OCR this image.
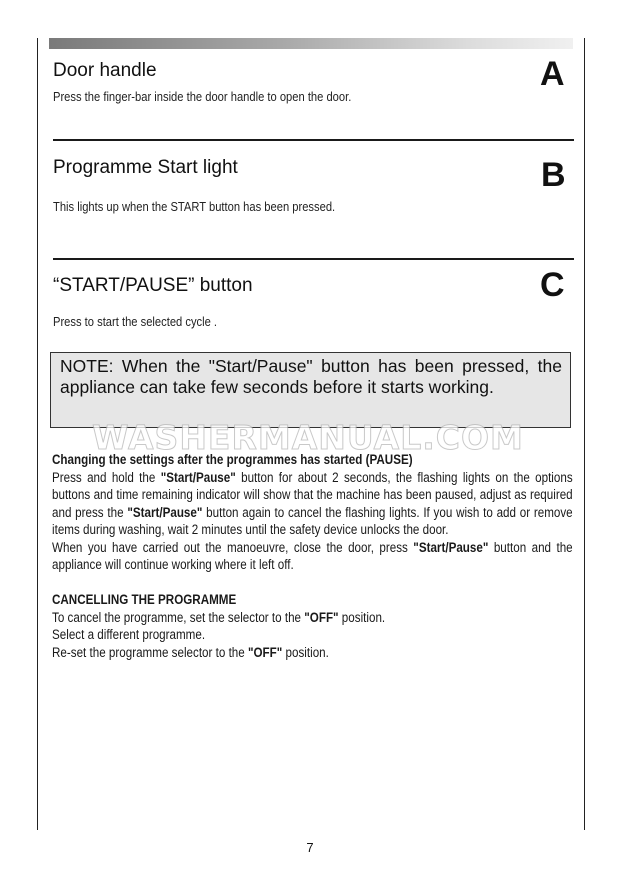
Door handle	A
Press the finger-bar inside the door handle to open the door.
Programme Start light	B
This lights up when the START button has been pressed.
“START/PAUSE” button	C
Press to start the selected cycle .
NOTE: When the "Start/Pause" button has been pressed, the appliance can take few seconds before it starts working.
WASHERMANUAL.COM

Changing the settings after the programmes has started (PAUSE)

Press and hold the "Start/Pause" button for about 2 seconds, the flashing lights on the options buttons and time remaining indicator will show that the machine has been paused, adjust as required and press the "Start/Pause" button again to cancel the flashing lights. If you wish to add or remove items during washing, wait 2 minutes until the safety device unlocks the door.

When you have carried out the manoeuvre, close the door, press "Start/Pause" button and the appliance will continue working where it left off.

CANCELLING THE PROGRAMME

To cancel the programme, set the selector to the "OFF" position.

Select a different programme.

Re-set the programme selector to the "OFF" position.

7
